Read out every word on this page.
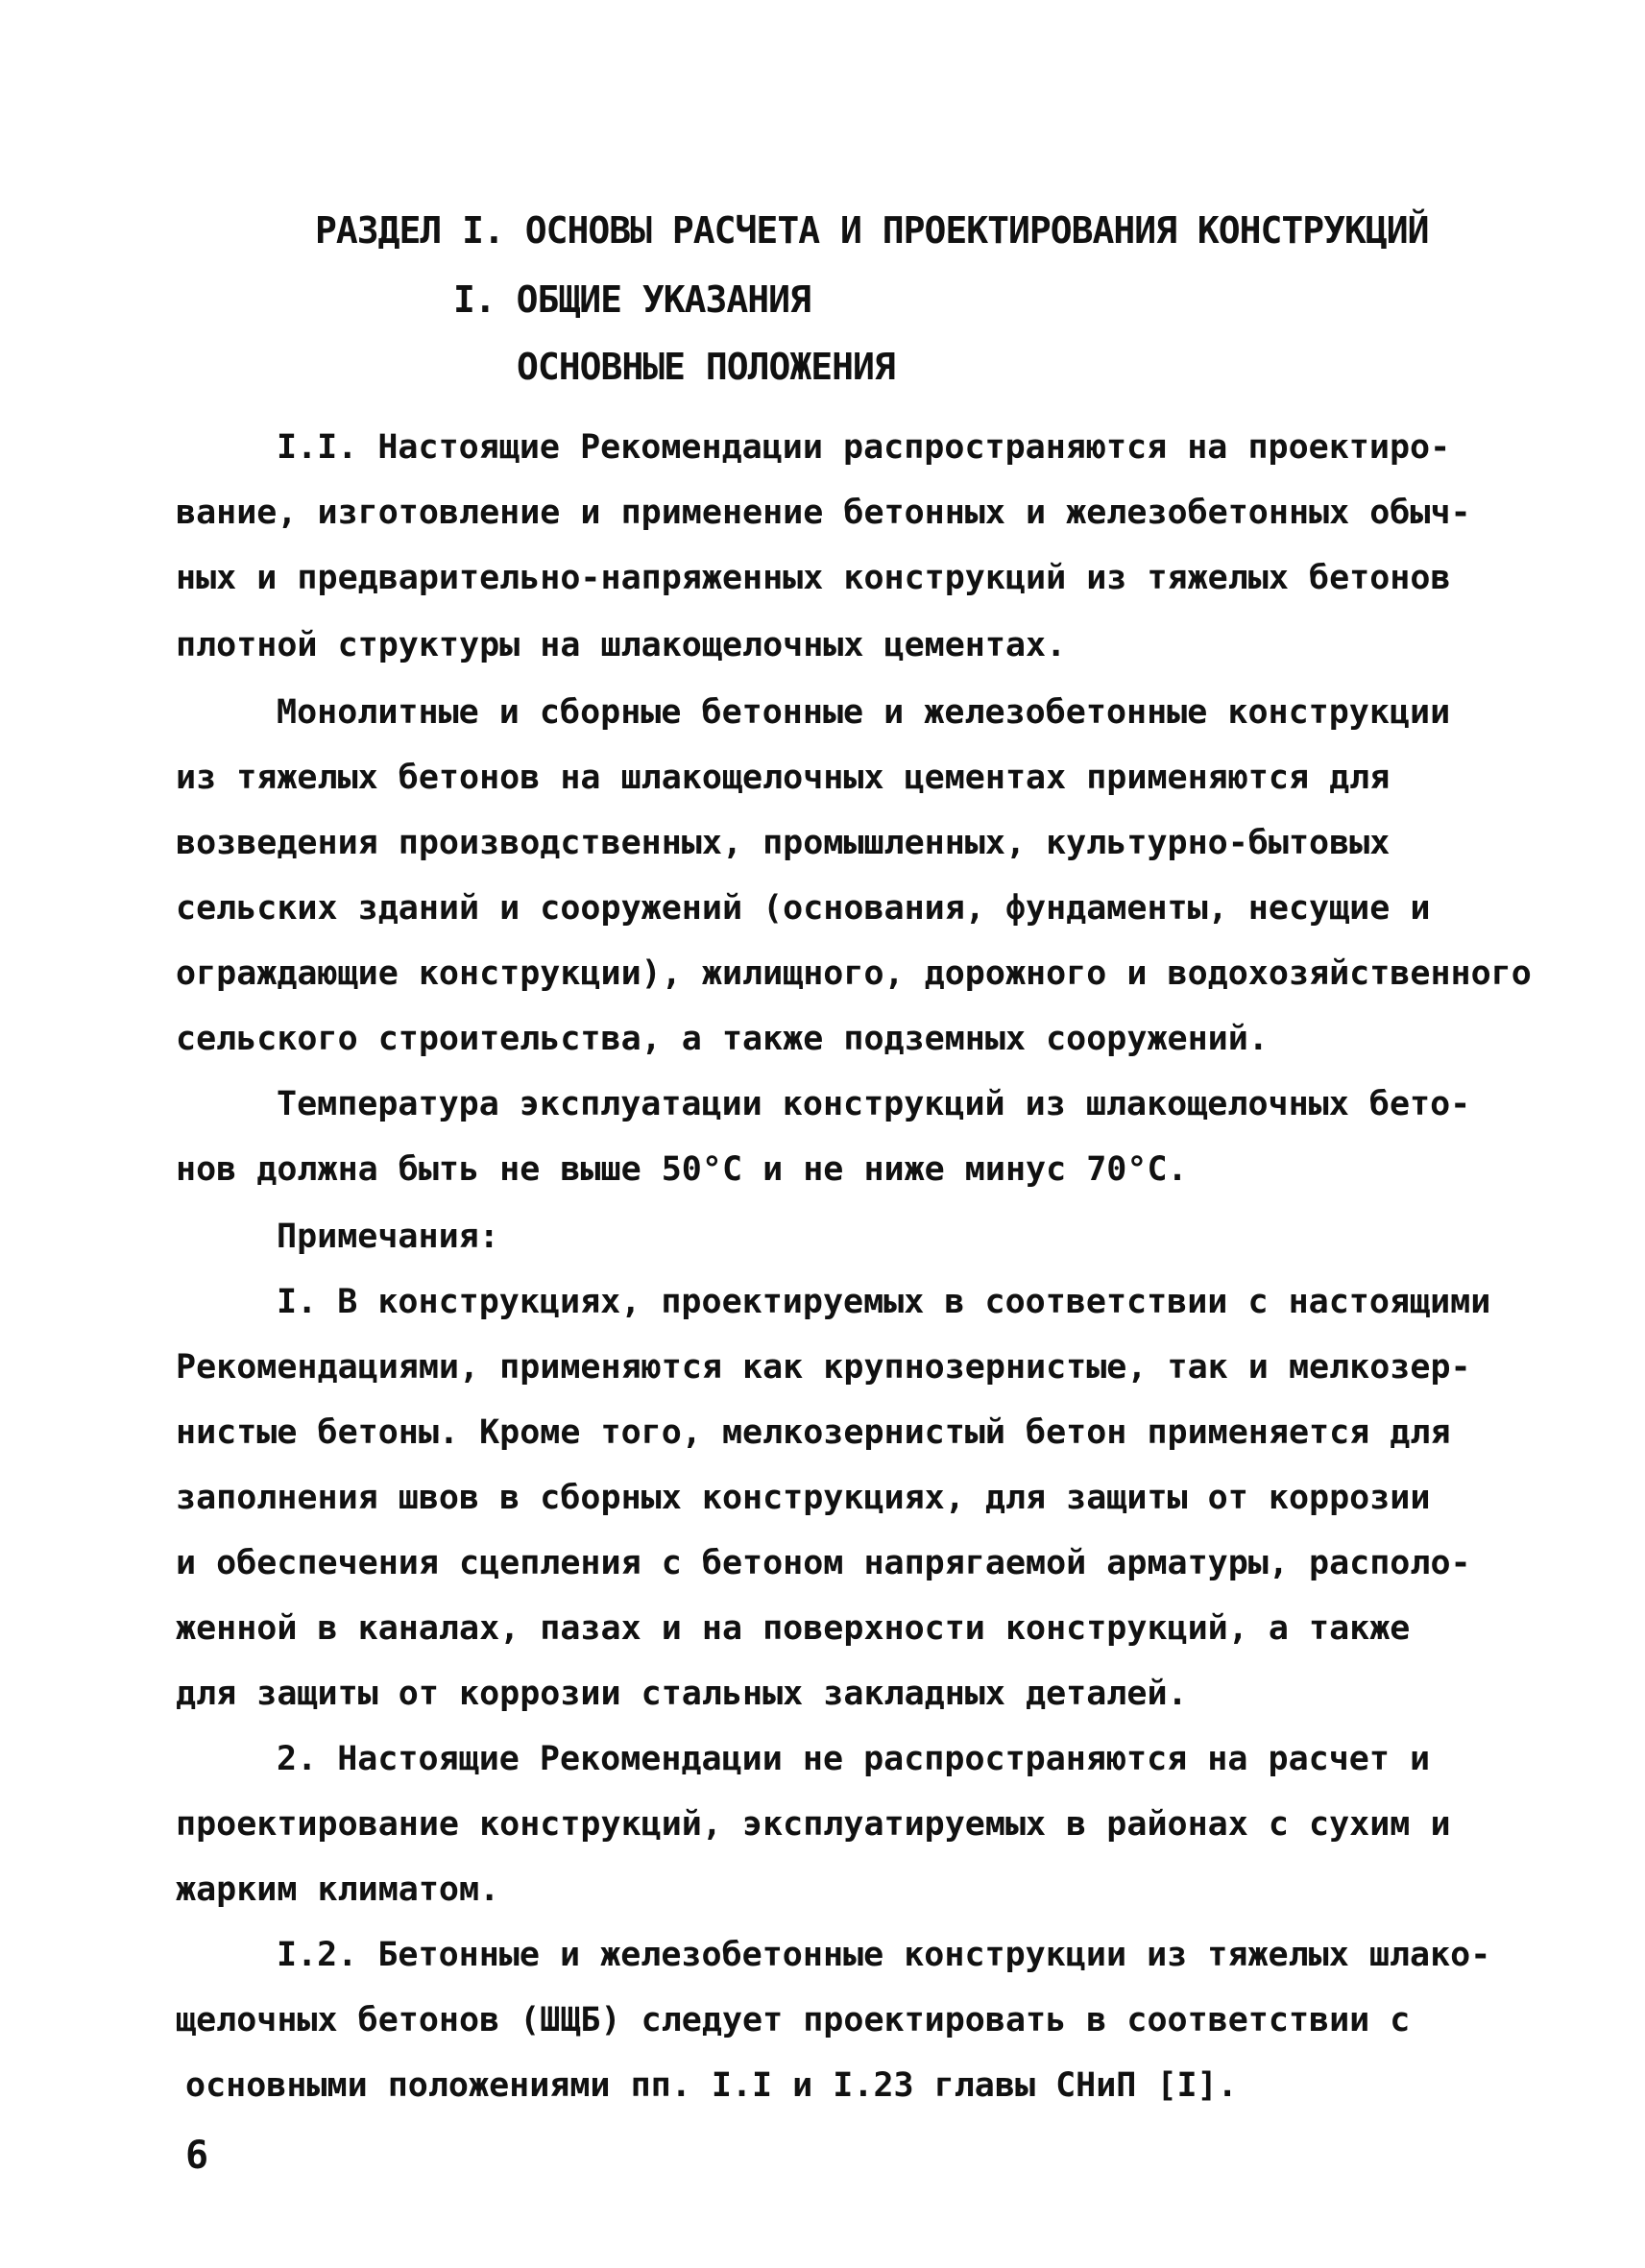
РАЗДЕЛ I. ОСНОВЫ РАСЧЕТА И ПРОЕКТИРОВАНИЯ КОНСТРУКЦИЙ
I. ОБЩИЕ УКАЗАНИЯ
ОСНОВНЫЕ ПОЛОЖЕНИЯ
I.I. Настоящие Рекомендации распространяются на проектиро-
вание, изготовление и применение бетонных и железобетонных обыч-
ных и предварительно-напряженных конструкций из тяжелых бетонов
плотной структуры на шлакощелочных цементах.
Монолитные и сборные бетонные и железобетонные конструкции
из тяжелых бетонов на шлакощелочных цементах применяются для
возведения производственных, промышленных, культурно-бытовых
сельских зданий и сооружений (основания, фундаменты, несущие и
ограждающие конструкции), жилищного, дорожного и водохозяйственного
сельского строительства, а также подземных сооружений.
Температура эксплуатации конструкций из шлакощелочных бето-
нов должна быть не выше 50°С и не ниже минус 70°С.
Примечания:
I. В конструкциях, проектируемых в соответствии с настоящими
Рекомендациями, применяются как крупнозернистые, так и мелкозер-
нистые бетоны. Кроме того, мелкозернистый бетон применяется для
заполнения швов в сборных конструкциях, для защиты от коррозии
и обеспечения сцепления с бетоном напрягаемой арматуры, располо-
женной в каналах, пазах и на поверхности конструкций, а также
для защиты от коррозии стальных закладных деталей.
2. Настоящие Рекомендации не распространяются на расчет и
проектирование конструкций, эксплуатируемых в районах с сухим и
жарким климатом.
I.2. Бетонные и железобетонные конструкции из тяжелых шлако-
щелочных бетонов (ШЩБ) следует проектировать в соответствии с
основными положениями пп. I.I и I.23 главы СНиП [I].
6
